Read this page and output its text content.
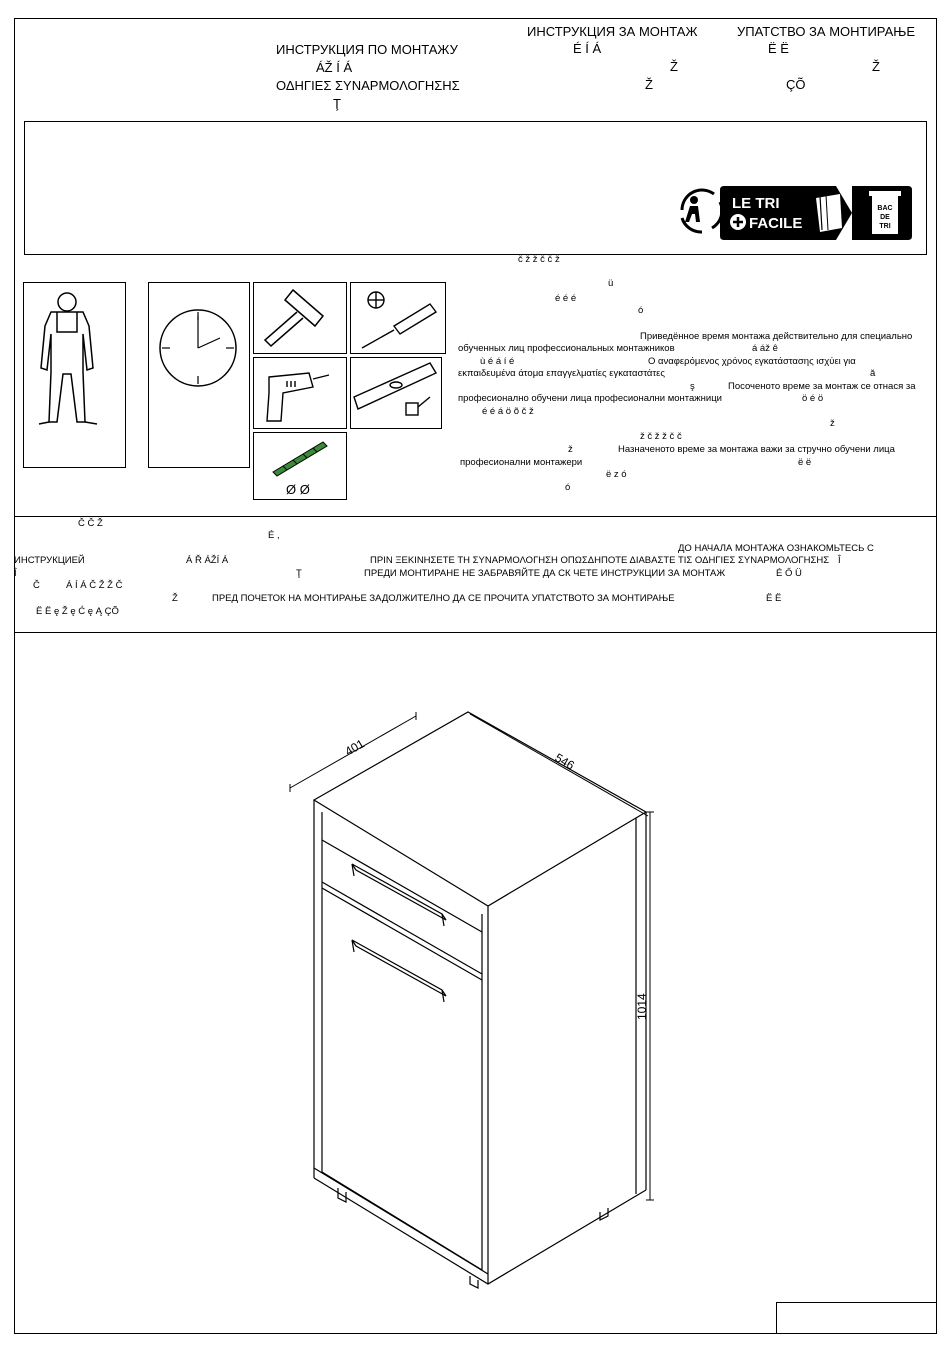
ИНСТРУКЦИЯ ПО МОНТАЖУ
ÁŽ Í Á
ΟΔΗΓΙΕΣ ΣΥΝΑΡΜΟΛΟΓΗΣΗΣ
Ţ
ИНСТРУКЦИЯ ЗА МОНТАЖ
É Í Á
Ž
Ž
УПАТСТВО ЗА МОНТИРАЊЕ
Ë Ë
Ž
ÇÕ
LE TRI
FACILE
BAC
DE
TRI
Ø Ø
č ž ž č č ž
ü
é é é
ó
Приведённое время монтажа действительно для специально
обученных лиц профессиональных монтажников	á áž ê
ù é á í é	Ο αναφερόμενος χρόνος εγκατάστασης ισχύει για
εκπαιδευμένα άτομα επαγγελματίες εγκαταστάτες	ă
ş	Посоченото време за монтаж се отнася за
професионално обучени лица професионални монтажници	ö é ö
é é á ö õ č ž
ž
ž č ž ž č č
ž	Назначеното време за монтажа важи за стручно обучени лица
професионални монтажери	ë ë
ë z ó
ó
Č Č Ž
É ,
ДО НАЧАЛА МОНТАЖА ОЗНАКОМЬТЕСЬ С
ИНСТРУКЦИЕЙ	Á Ř ÁŽÍ Á	ΠΡΙΝ ΞΕΚΙΝΗΣΕΤΕ ΤΗ ΣΥΝΑΡΜΟΛΟΓΗΣΗ ΟΠΩΣΔΗΠΟΤΕ ΔΙΑΒΑΣΤΕ ΤΙΣ ΟΔΗΓΙΕΣ ΣΥΝΑΡΜΟΛΟΓΗΣΗΣ Î
Î	Ţ	ПРЕДИ МОНТИРАНЕ НЕ ЗАБРАВЯЙТЕ ДА СК ЧЕТЕ ИНСТРУКЦИИ ЗА МОНТАЖ	É Ő Ü
Č	Á Í Á Č Ž Ž Č
Ž	ПРЕД ПОЧЕТОК НА МОНТИРАЊЕ ЗАДОЛЖИТЕЛНО ДА СЕ ПРОЧИТА УПАТСТВОТО ЗА МОНТИРАЊЕ	Ë Ë
Ë Ë ę Ž ę Ć ę Ą ÇÕ
401
546
1014
